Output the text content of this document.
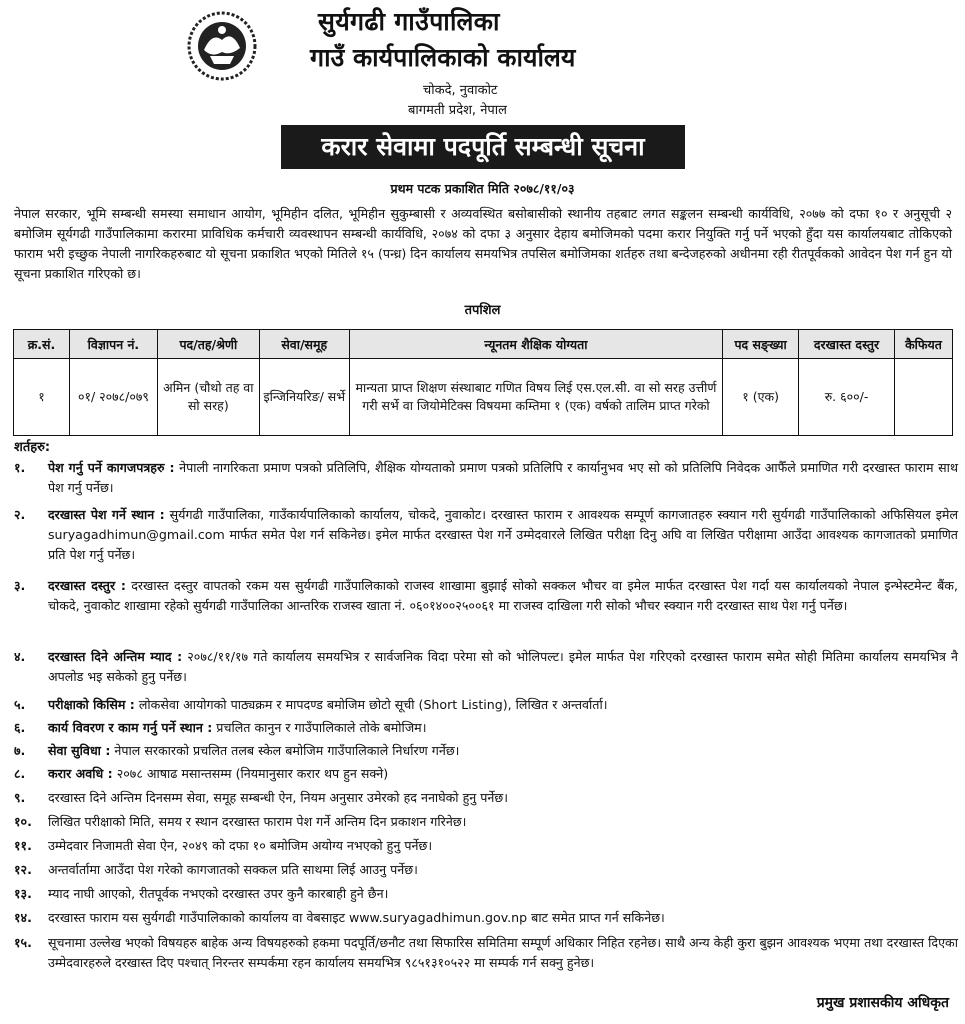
सुर्यगढी गाउँपालिका
गाउँ कार्यपालिकाको कार्यालय
चोकदे, नुवाकोट
बागमती प्रदेश, नेपाल
करार सेवामा पदपूर्ति सम्बन्धी सूचना
प्रथम पटक प्रकाशित मिति २०७८/११/०३
नेपाल सरकार, भूमि सम्बन्धी समस्या समाधान आयोग, भूमिहीन दलित, भूमिहीन सुकुम्बासी र अव्यवस्थित बसोबासीको स्थानीय तहबाट लगत सङ्कलन सम्बन्धी कार्यविधि, २०७७ को दफा १० र अनुसूची २ बमोजिम सूर्यगढी गाउँपालिकामा करारमा प्राविधिक कर्मचारी व्यवस्थापन सम्बन्धी कार्यविधि, २०७४ को दफा ३ अनुसार देहाय बमोजिमको पदमा करार नियुक्ति गर्नु पर्ने भएको हुँदा यस कार्यालयबाट तोकिएको फाराम भरी इच्छुक नेपाली नागरिकहरुबाट यो सूचना प्रकाशित भएको मितिले १५ (पन्ध्र) दिन कार्यालय समयभित्र तपसिल बमोजिमका शर्तहरु तथा बन्देजहरुको अधीनमा रही रीतपूर्वकको आवेदन पेश गर्न हुन यो सूचना प्रकाशित गरिएको छ।
तपशिल
क्र.सं.	विज्ञापन नं.	पद/तह/श्रेणी	सेवा/समूह	न्यूनतम शैक्षिक योग्यता	पद सङ्ख्या	दरखास्त दस्तुर	कैफियत
१	०१/ २०७८/०७९	अमिन (चौथो तह वा सो सरह)	इन्जिनियरिङ/ सर्भे	मान्यता प्राप्त शिक्षण संस्थाबाट गणित विषय लिई एस.एल.सी. वा सो सरह उत्तीर्ण गरी सर्भे वा जियोमेटिक्स विषयमा कम्तिमा १ (एक) वर्षको तालिम प्राप्त गरेको	१ (एक)	रु. ६००/-	
शर्तहरु:
१.	पेश गर्नु पर्ने कागजपत्रहरु : नेपाली नागरिकता प्रमाण पत्रको प्रतिलिपि, शैक्षिक योग्यताको प्रमाण पत्रको प्रतिलिपि र कार्यानुभव भए सो को प्रतिलिपि निवेदक आफैँले प्रमाणित गरी दरखास्त फाराम साथ पेश गर्नु पर्नेछ।
२.	दरखास्त पेश गर्ने स्थान : सुर्यगढी गाउँपालिका, गाउँकार्यपालिकाको कार्यालय, चोकदे, नुवाकोट। दरखास्त फाराम र आवश्यक सम्पूर्ण कागजातहरु स्क्यान गरी सुर्यगढी गाउँपालिकाको अफिसियल इमेल suryagadhimun@gmail.com मार्फत समेत पेश गर्न सकिनेछ। इमेल मार्फत दरखास्त पेश गर्ने उम्मेदवारले लिखित परीक्षा दिनु अघि वा लिखित परीक्षामा आउँदा आवश्यक कागजातको प्रमाणित प्रति पेश गर्नु पर्नेछ।
३.	दरखास्त दस्तुर : दरखास्त दस्तुर वापतको रकम यस सुर्यगढी गाउँपालिकाको राजस्व शाखामा बुझाई सोको सक्कल भौचर वा इमेल मार्फत दरखास्त पेश गर्दा यस कार्यालयको नेपाल इन्भेस्टमेन्ट बैंक, चोकदे, नुवाकोट शाखामा रहेको सुर्यगढी गाउँपालिका आन्तरिक राजस्व खाता नं. ०६०१४००२५००६१ मा राजस्व दाखिला गरी सोको भौचर स्क्यान गरी दरखास्त साथ पेश गर्नु पर्नेछ।
४.	दरखास्त दिने अन्तिम म्याद : २०७८/११/१७ गते कार्यालय समयभित्र र सार्वजनिक विदा परेमा सो को भोलिपल्ट। इमेल मार्फत पेश गरिएको दरखास्त फाराम समेत सोही मितिमा कार्यालय समयभित्र नै अपलोड भइ सकेको हुनु पर्नेछ।
५.	परीक्षाको किसिम : लोकसेवा आयोगको पाठ्यक्रम र मापदण्ड बमोजिम छोटो सूची (Short Listing), लिखित र अन्तर्वार्ता।
६.	कार्य विवरण र काम गर्नु पर्ने स्थान : प्रचलित कानुन र गाउँपालिकाले तोके बमोजिम।
७.	सेवा सुविधा : नेपाल सरकारको प्रचलित तलब स्केल बमोजिम गाउँपालिकाले निर्धारण गर्नेछ।
८.	करार अवधि : २०७८ आषाढ मसान्तसम्म (नियमानुसार करार थप हुन सक्ने)
९.	दरखास्त दिने अन्तिम दिनसम्म सेवा, समूह सम्बन्धी ऐन, नियम अनुसार उमेरको हद ननाघेको हुनु पर्नेछ।
१०.	लिखित परीक्षाको मिति, समय र स्थान दरखास्त फाराम पेश गर्ने अन्तिम दिन प्रकाशन गरिनेछ।
११.	उम्मेदवार निजामती सेवा ऐन, २०४९ को दफा १० बमोजिम अयोग्य नभएको हुनु पर्नेछ।
१२.	अन्तर्वार्तामा आउँदा पेश गरेको कागजातको सक्कल प्रति साथमा लिई आउनु पर्नेछ।
१३.	म्याद नाघी आएको, रीतपूर्वक नभएको दरखास्त उपर कुनै कारबाही हुने छैन।
१४.	दरखास्त फाराम यस सुर्यगढी गाउँपालिकाको कार्यालय वा वेबसाइट www.suryagadhimun.gov.np बाट समेत प्राप्त गर्न सकिनेछ।
१५.	सूचनामा उल्लेख भएको विषयहरु बाहेक अन्य विषयहरुको हकमा पदपूर्ति/छनौट तथा सिफारिस समितिमा सम्पूर्ण अधिकार निहित रहनेछ। साथै अन्य केही कुरा बुझन आवश्यक भएमा तथा दरखास्त दिएका उम्मेदवारहरुले दरखास्त दिए पश्चात् निरन्तर सम्पर्कमा रहन कार्यालय समयभित्र ९८५१३१०५२२ मा सम्पर्क गर्न सक्नु हुनेछ।
प्रमुख प्रशासकीय अधिकृत
